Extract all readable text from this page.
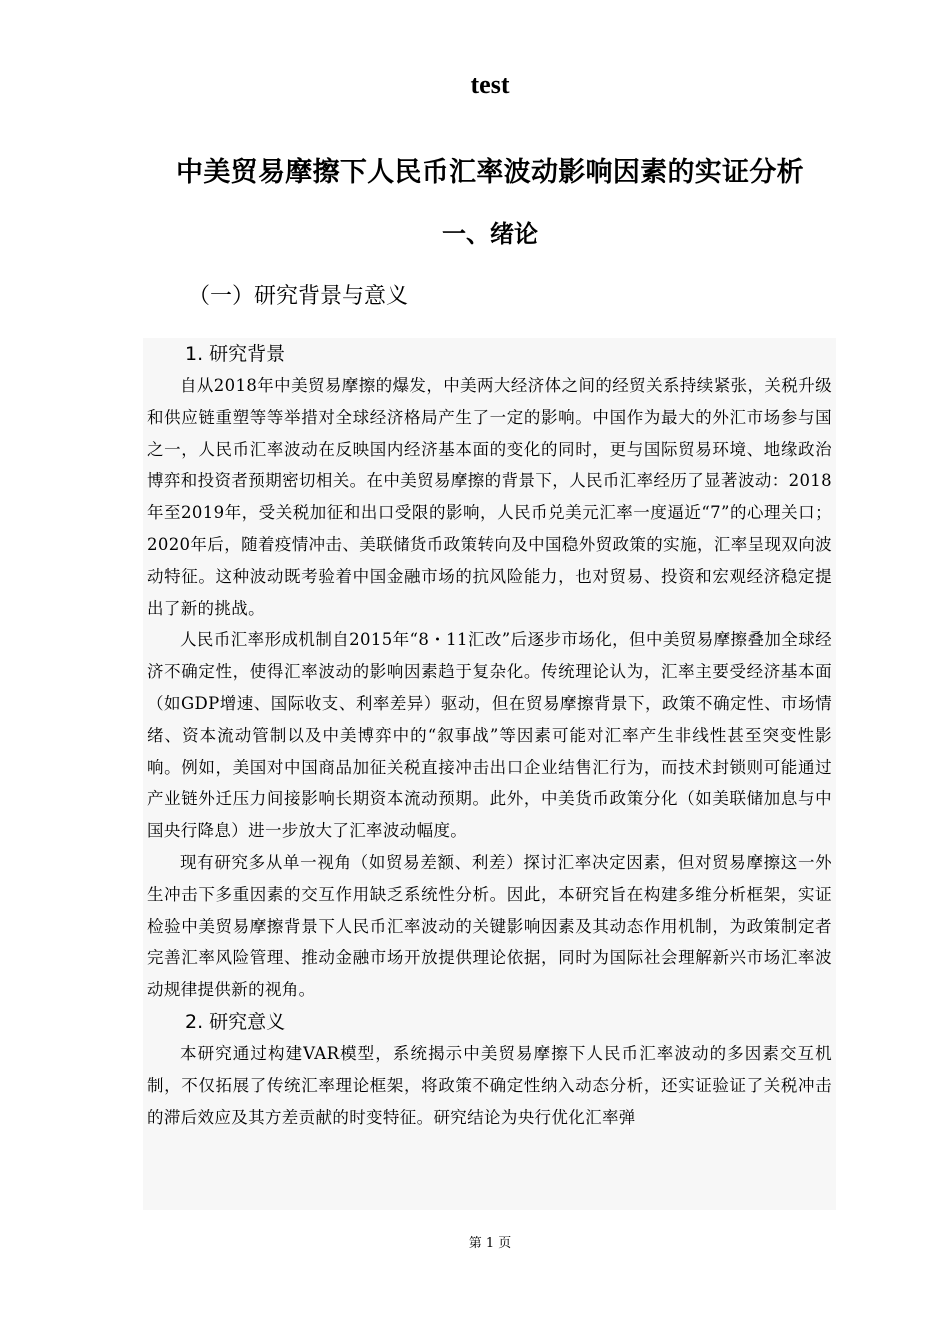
test
中美贸易摩擦下人民币汇率波动影响因素的实证分析
一、绪论
（一）研究背景与意义

1. 研究背景

自从2018年中美贸易摩擦的爆发，中美两大经济体之间的经贸关系持续紧张，关税升级和供应链重塑等等举措对全球经济格局产生了一定的影响。中国作为最大的外汇市场参与国之一，人民币汇率波动在反映国内经济基本面的变化的同时，更与国际贸易环境、地缘政治博弈和投资者预期密切相关。在中美贸易摩擦的背景下，人民币汇率经历了显著波动：2018年至2019年，受关税加征和出口受限的影响，人民币兑美元汇率一度逼近“7”的心理关口；2020年后，随着疫情冲击、美联储货币政策转向及中国稳外贸政策的实施，汇率呈现双向波动特征。这种波动既考验着中国金融市场的抗风险能力，也对贸易、投资和宏观经济稳定提出了新的挑战。

人民币汇率形成机制自2015年“8・11汇改”后逐步市场化，但中美贸易摩擦叠加全球经济不确定性，使得汇率波动的影响因素趋于复杂化。传统理论认为，汇率主要受经济基本面（如GDP增速、国际收支、利率差异）驱动，但在贸易摩擦背景下，政策不确定性、市场情绪、资本流动管制以及中美博弈中的“叙事战”等因素可能对汇率产生非线性甚至突变性影响。例如，美国对中国商品加征关税直接冲击出口企业结售汇行为，而技术封锁则可能通过产业链外迁压力间接影响长期资本流动预期。此外，中美货币政策分化（如美联储加息与中国央行降息）进一步放大了汇率波动幅度。

现有研究多从单一视角（如贸易差额、利差）探讨汇率决定因素，但对贸易摩擦这一外生冲击下多重因素的交互作用缺乏系统性分析。因此，本研究旨在构建多维分析框架，实证检验中美贸易摩擦背景下人民币汇率波动的关键影响因素及其动态作用机制，为政策制定者完善汇率风险管理、推动金融市场开放提供理论依据，同时为国际社会理解新兴市场汇率波动规律提供新的视角。

2. 研究意义

本研究通过构建VAR模型，系统揭示中美贸易摩擦下人民币汇率波动的多因素交互机制，不仅拓展了传统汇率理论框架，将政策不确定性纳入动态分析，还实证验证了关税冲击的滞后效应及其方差贡献的时变特征。研究结论为央行优化汇率弹

第 1 页
